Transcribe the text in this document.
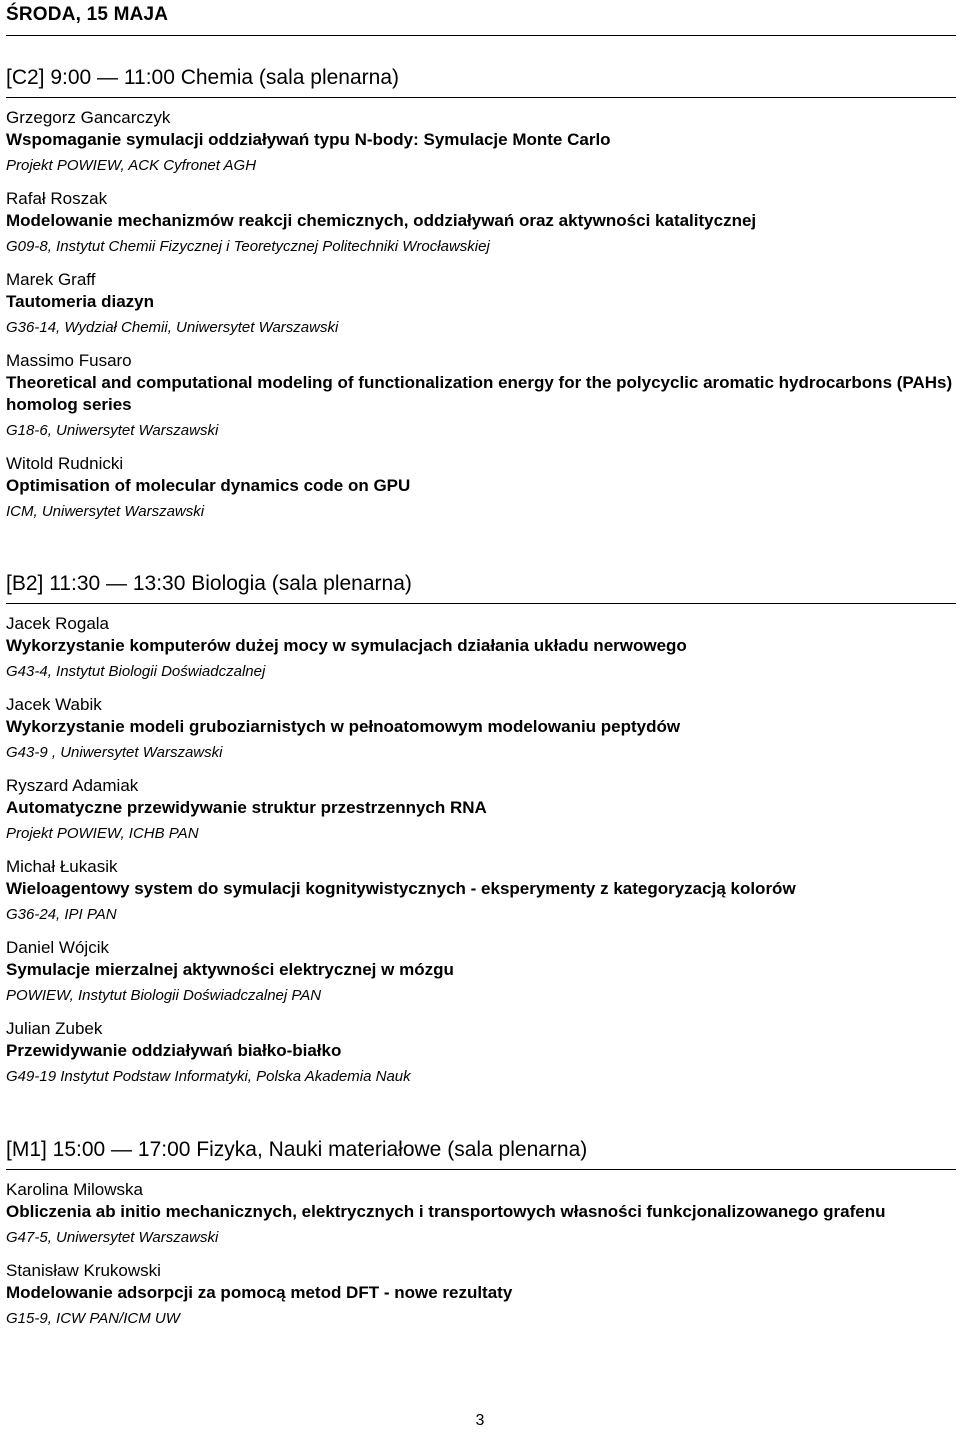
ŚRODA, 15 MAJA
[C2] 9:00 — 11:00 Chemia (sala plenarna)
Grzegorz Gancarczyk
Wspomaganie symulacji oddziaływań typu N-body: Symulacje Monte Carlo
Projekt POWIEW, ACK Cyfronet AGH
Rafał Roszak
Modelowanie mechanizmów reakcji chemicznych, oddziaływań oraz aktywności katalitycznej
G09-8, Instytut Chemii Fizycznej i Teoretycznej Politechniki Wrocławskiej
Marek Graff
Tautomeria diazyn
G36-14, Wydział Chemii, Uniwersytet Warszawski
Massimo Fusaro
Theoretical and computational modeling of functionalization energy for the polycyclic aromatic hydrocarbons (PAHs) homolog series
G18-6, Uniwersytet Warszawski
Witold Rudnicki
Optimisation of molecular dynamics code on GPU
ICM, Uniwersytet Warszawski
[B2] 11:30 — 13:30 Biologia (sala plenarna)
Jacek Rogala
Wykorzystanie komputerów dużej mocy w symulacjach działania układu nerwowego
G43-4, Instytut Biologii Doświadczalnej
Jacek Wabik
Wykorzystanie modeli gruboziarnistych w pełnoatomowym modelowaniu peptydów
G43-9 , Uniwersytet Warszawski
Ryszard Adamiak
Automatyczne przewidywanie struktur przestrzennych RNA
Projekt POWIEW, ICHB PAN
Michał Łukasik
Wieloagentowy system do symulacji kognitywistycznych - eksperymenty z kategoryzacją kolorów
G36-24, IPI PAN
Daniel Wójcik
Symulacje mierzalnej aktywności elektrycznej w mózgu
POWIEW, Instytut Biologii Doświadczalnej PAN
Julian Zubek
Przewidywanie oddziaływań białko-białko
G49-19 Instytut Podstaw Informatyki, Polska Akademia Nauk
[M1] 15:00 — 17:00 Fizyka, Nauki materiałowe (sala plenarna)
Karolina Milowska
Obliczenia ab initio mechanicznych, elektrycznych i transportowych własności funkcjonalizowanego grafenu
G47-5, Uniwersytet Warszawski
Stanisław Krukowski
Modelowanie adsorpcji za pomocą metod DFT - nowe rezultaty
G15-9, ICW PAN/ICM UW
3
